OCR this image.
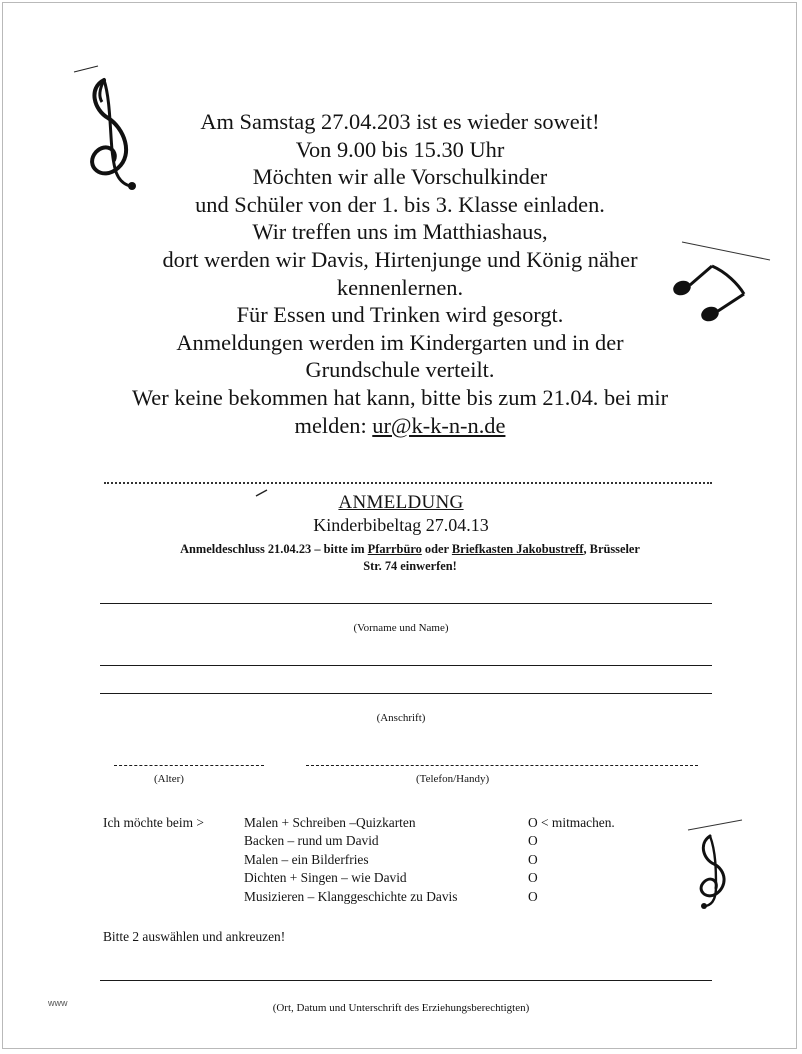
Am Samstag 27.04.203 ist es wieder soweit!
Von 9.00 bis 15.30 Uhr
Möchten wir alle Vorschulkinder
und Schüler von der 1. bis 3. Klasse einladen.
Wir treffen uns im Matthiashaus,
dort werden wir Davis, Hirtenjunge und König näher
kennenlernen.
Für Essen und Trinken wird gesorgt.
Anmeldungen werden im Kindergarten und in der
Grundschule verteilt.
Wer keine bekommen hat kann, bitte bis zum 21.04. bei mir
melden: ur@k-k-n-n.de
ANMELDUNG
Kinderbibeltag 27.04.13
Anmeldeschluss 21.04.23 – bitte im Pfarrbüro oder Briefkasten Jakobustreff, Brüsseler
Str. 74 einwerfen!
(Vorname und Name)
(Anschrift)
(Alter)	(Telefon/Handy)
Ich möchte beim >	Malen + Schreiben –Quizkarten
Backen – rund um David
Malen – ein Bilderfries
Dichten + Singen – wie David
Musizieren – Klanggeschichte zu Davis
O < mitmachen.
O
O
O
O
Bitte 2 auswählen und ankreuzen!
(Ort, Datum und Unterschrift des Erziehungsberechtigten)
www
